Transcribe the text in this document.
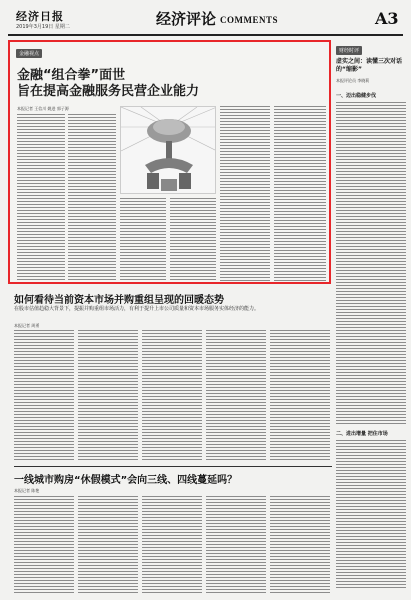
经济日报
2019年3月19日 星期二	经济评论 COMMENTS	A3
金融视点
金融“组合拳”面世
旨在提高金融服务民营企业能力
本报记者 王信川 姚进 郭子源
财经时评
虚实之间：读懂三次对话的“缩影”
本报评论员 李晓莉
一、迈出稳健步伐
二、进出增量 把住市场
如何看待当前资本市场并购重组呈现的回暖态势
在股市估值趋稳大背景下，提振并购重组市场活力，有利于提升上市公司质量和资本市场服务实体经济的能力。
本报记者 周勇
一线城市购房“休假模式”会向三线、四线蔓延吗？
本报记者 陈艳
